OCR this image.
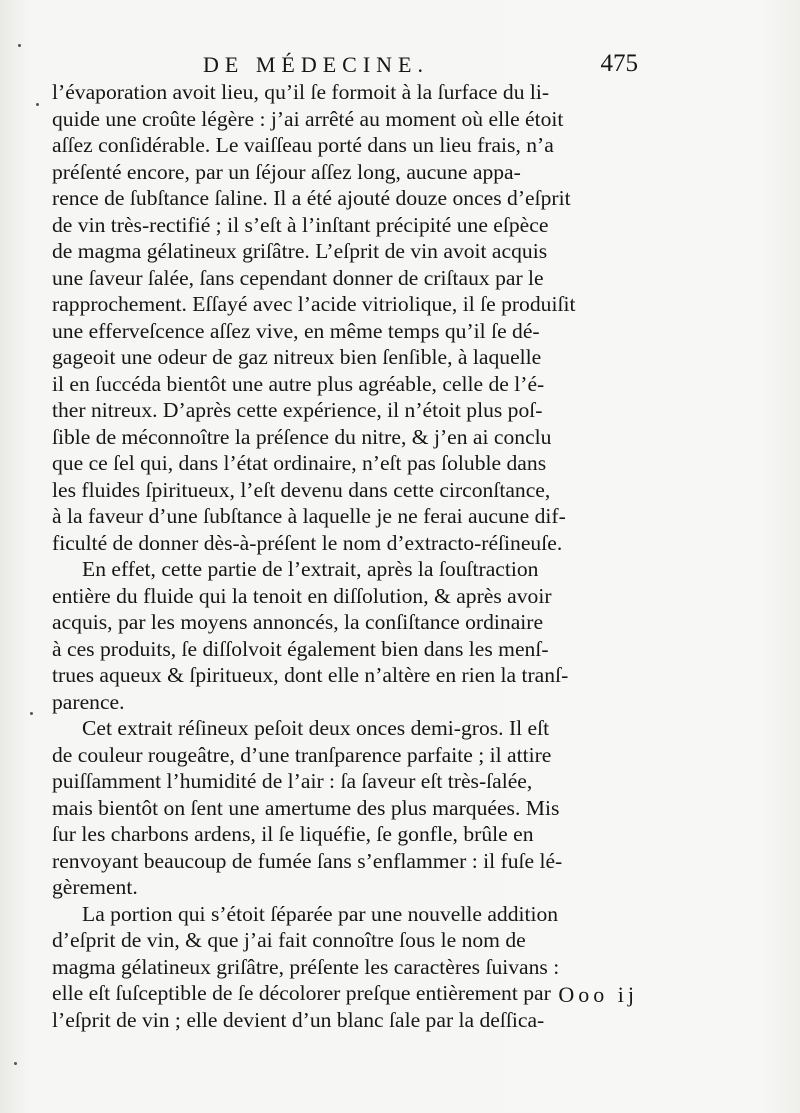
DE MÉDECINE.	475
l’évaporation avoit lieu, qu’il ſe formoit à la ſurface du li-
quide une croûte légère : j’ai arrêté au moment où elle étoit
aſſez conſidérable. Le vaiſſeau porté dans un lieu frais, n’a
préſenté encore, par un ſéjour aſſez long, aucune appa-
rence de ſubſtance ſaline. Il a été ajouté douze onces d’eſprit
de vin très-rectifié ; il s’eſt à l’inſtant précipité une eſpèce
de magma gélatineux griſâtre. L’eſprit de vin avoit acquis
une ſaveur ſalée, ſans cependant donner de criſtaux par le
rapprochement. Eſſayé avec l’acide vitriolique, il ſe produiſit
une efferveſcence aſſez vive, en même temps qu’il ſe dé-
gageoit une odeur de gaz nitreux bien ſenſible, à laquelle
il en ſuccéda bientôt une autre plus agréable, celle de l’é-
ther nitreux. D’après cette expérience, il n’étoit plus poſ-
ſible de méconnoître la préſence du nitre, & j’en ai conclu
que ce ſel qui, dans l’état ordinaire, n’eſt pas ſoluble dans
les fluides ſpiritueux, l’eſt devenu dans cette circonſtance,
à la faveur d’une ſubſtance à laquelle je ne ferai aucune dif-
ficulté de donner dès-à-préſent le nom d’extracto-réſineuſe.
En effet, cette partie de l’extrait, après la ſouſtraction
entière du fluide qui la tenoit en diſſolution, & après avoir
acquis, par les moyens annoncés, la conſiſtance ordinaire
à ces produits, ſe diſſolvoit également bien dans les menſ-
trues aqueux & ſpiritueux, dont elle n’altère en rien la tranſ-
parence.
Cet extrait réſineux peſoit deux onces demi-gros. Il eſt
de couleur rougeâtre, d’une tranſparence parfaite ; il attire
puiſſamment l’humidité de l’air : ſa ſaveur eſt très-ſalée,
mais bientôt on ſent une amertume des plus marquées. Mis
ſur les charbons ardens, il ſe liquéfie, ſe gonfle, brûle en
renvoyant beaucoup de fumée ſans s’enflammer : il fuſe lé-
gèrement.
La portion qui s’étoit ſéparée par une nouvelle addition
d’eſprit de vin, & que j’ai fait connoître ſous le nom de
magma gélatineux griſâtre, préſente les caractères ſuivans :
elle eſt ſuſceptible de ſe décolorer preſque entièrement par
l’eſprit de vin ; elle devient d’un blanc ſale par la deſſica-
Ooo ij
